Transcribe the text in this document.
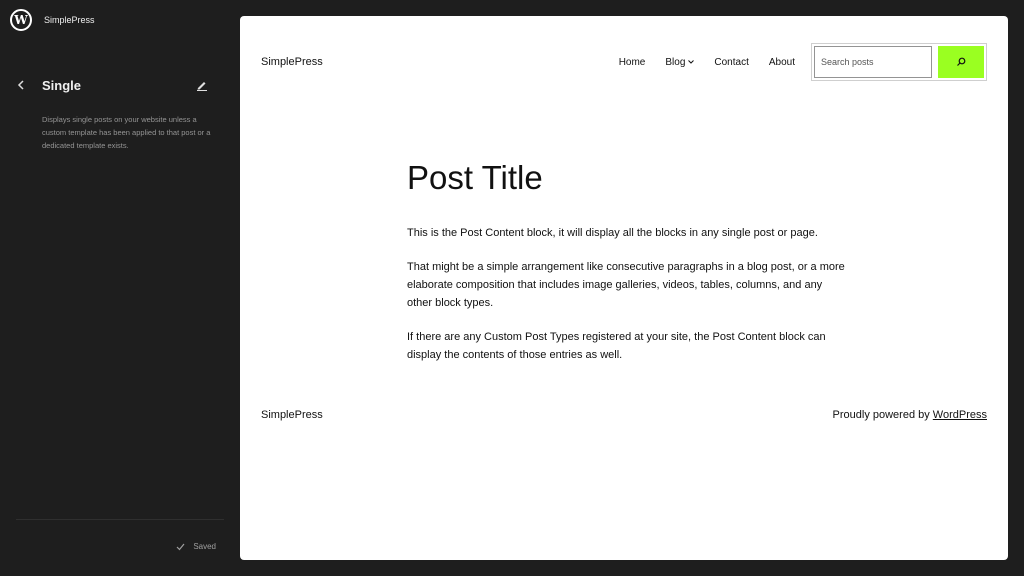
W	SimplePress
Single

Displays single posts on your website unless a custom template has been applied to that post or a dedicated template exists.

Saved
SimplePress	Home Blog	Contact About
Search posts
Post Title

This is the Post Content block, it will display all the blocks in any single post or page.

That might be a simple arrangement like consecutive paragraphs in a blog post, or a more elaborate composition that includes image galleries, videos, tables, columns, and any other block types.

If there are any Custom Post Types registered at your site, the Post Content block can display the contents of those entries as well.

SimplePress	Proudly powered by WordPress
